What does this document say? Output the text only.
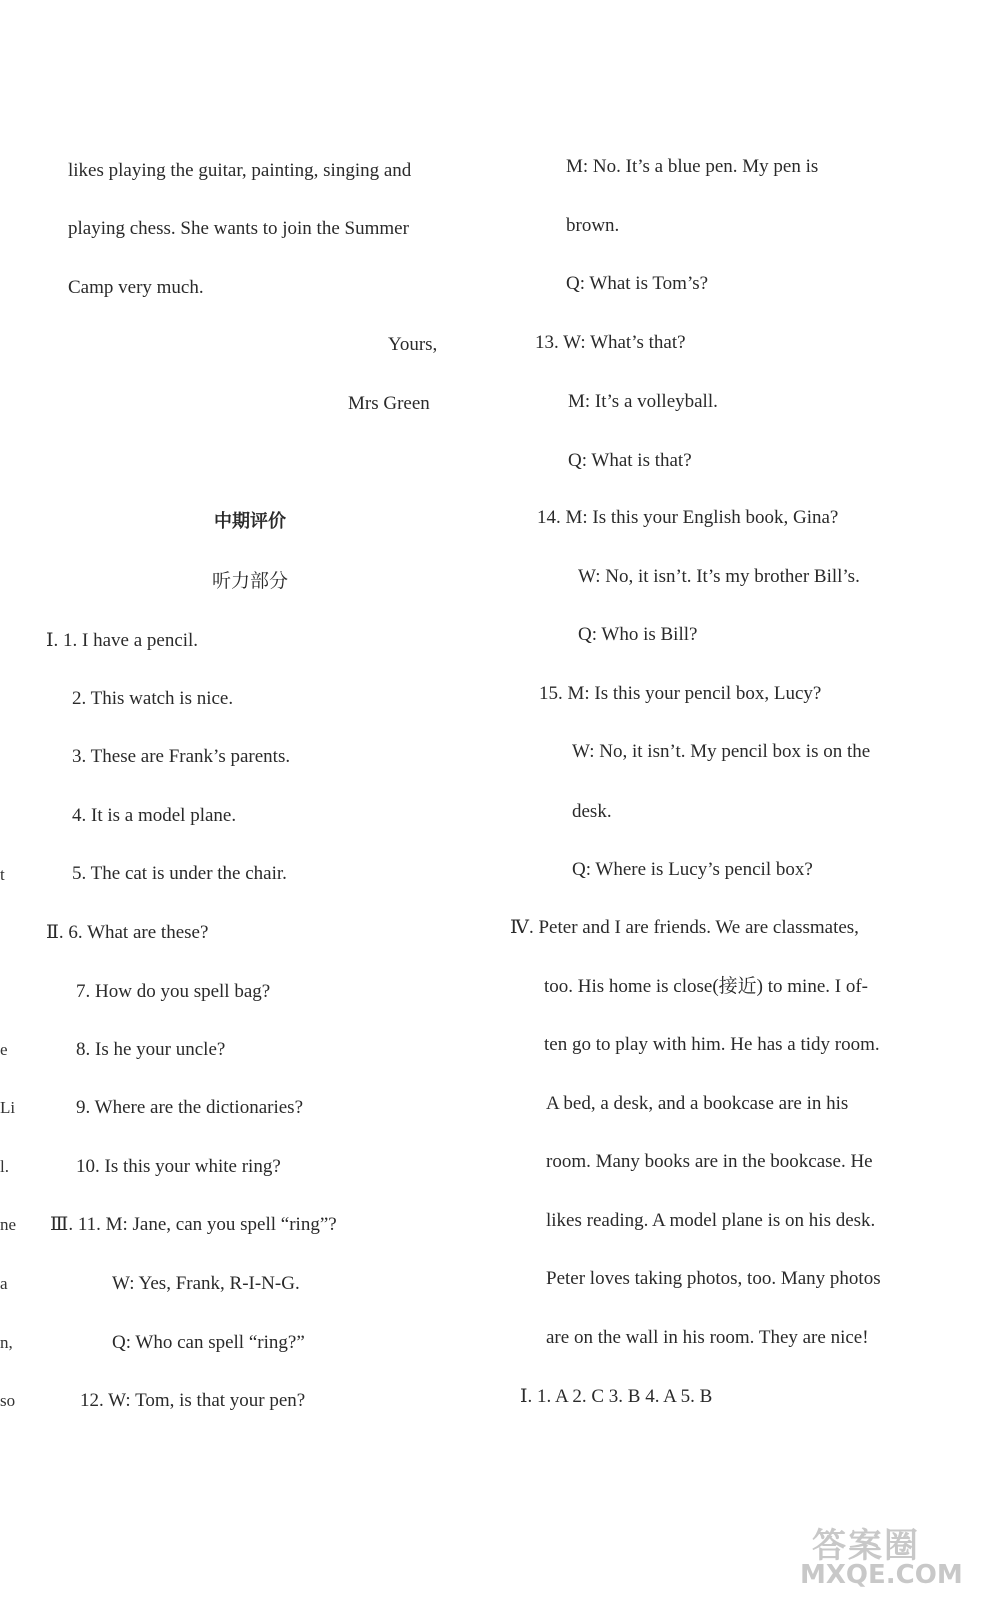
likes playing the guitar, painting, singing and
playing chess. She wants to join the Summer
Camp very much.
Yours,
Mrs Green
中期评价
听力部分
Ⅰ. 1. I have a pencil.
2. This watch is nice.
3. These are Frank’s parents.
4. It is a model plane.
5. The cat is under the chair.
Ⅱ. 6. What are these?
7. How do you spell bag?
8. Is he your uncle?
9. Where are the dictionaries?
10. Is this your white ring?
Ⅲ. 11. M: Jane, can you spell “ring”?
W: Yes, Frank, R-I-N-G.
Q: Who can spell “ring?”
12. W: Tom, is that your pen?
t
e
Li
l.
ne
a
n,
so
M: No. It’s a blue pen. My pen is
brown.
Q: What is Tom’s?
13. W: What’s that?
M: It’s a volleyball.
Q: What is that?
14. M: Is this your English book, Gina?
W: No, it isn’t. It’s my brother Bill’s.
Q: Who is Bill?
15. M: Is this your pencil box, Lucy?
W: No, it isn’t. My pencil box is on the
desk.
Q: Where is Lucy’s pencil box?
Ⅳ. Peter and I are friends. We are classmates,
too. His home is close(接近) to mine. I of-
ten go to play with him. He has a tidy room.
A bed, a desk, and a bookcase are in his
room. Many books are in the bookcase. He
likes reading. A model plane is on his desk.
Peter loves taking photos, too. Many photos
are on the wall in his room. They are nice!
Ⅰ. 1. A 2. C 3. B 4. A 5. B
答案圈
MXQE.COM
